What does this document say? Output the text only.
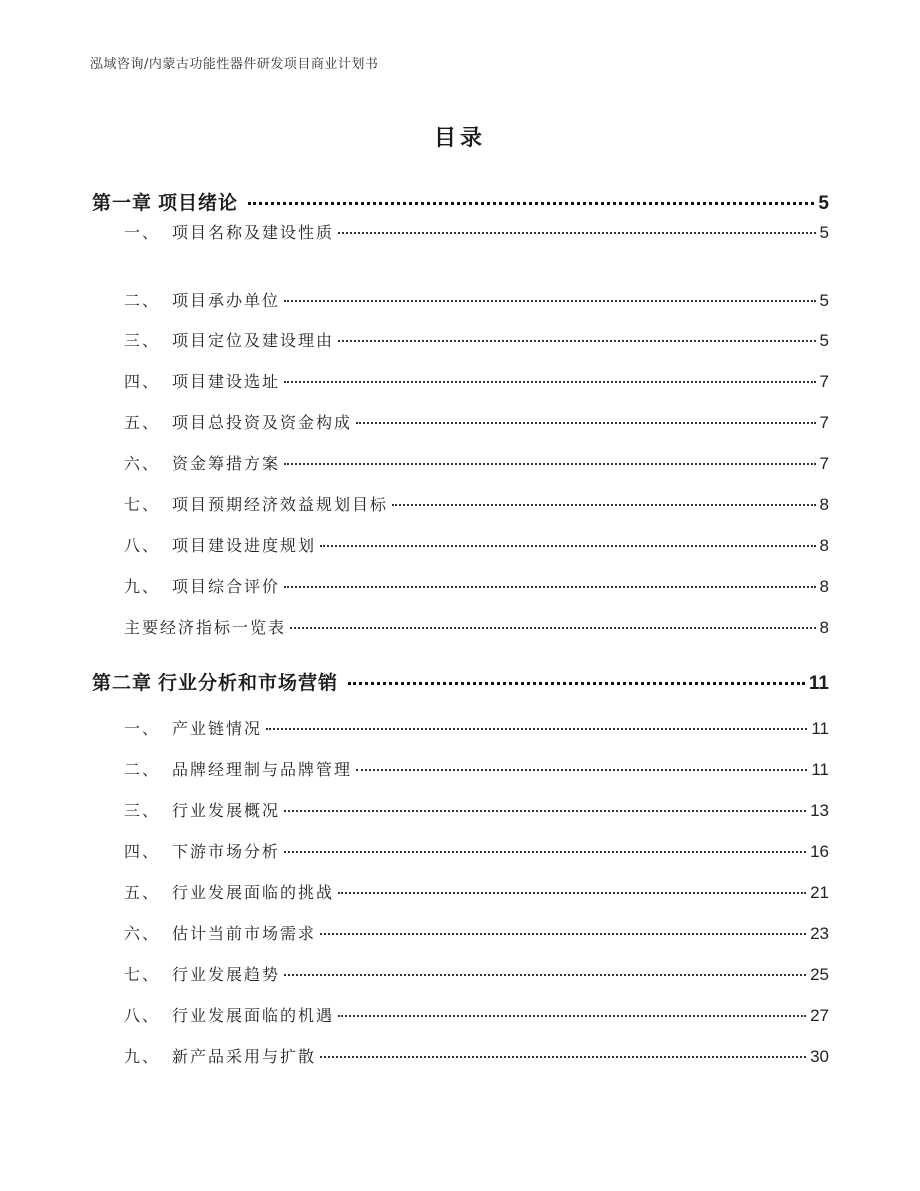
泓域咨询/内蒙古功能性器件研发项目商业计划书
目录
第一章 项目绪论	5
一、 项目名称及建设性质	5
二、 项目承办单位	5
三、 项目定位及建设理由	5
四、 项目建设选址	7
五、 项目总投资及资金构成	7
六、 资金筹措方案	7
七、 项目预期经济效益规划目标	8
八、 项目建设进度规划	8
九、 项目综合评价	8
主要经济指标一览表	8
第二章 行业分析和市场营销	11
一、 产业链情况	11
二、 品牌经理制与品牌管理	11
三、 行业发展概况	13
四、 下游市场分析	16
五、 行业发展面临的挑战	21
六、 估计当前市场需求	23
七、 行业发展趋势	25
八、 行业发展面临的机遇	27
九、 新产品采用与扩散	30
